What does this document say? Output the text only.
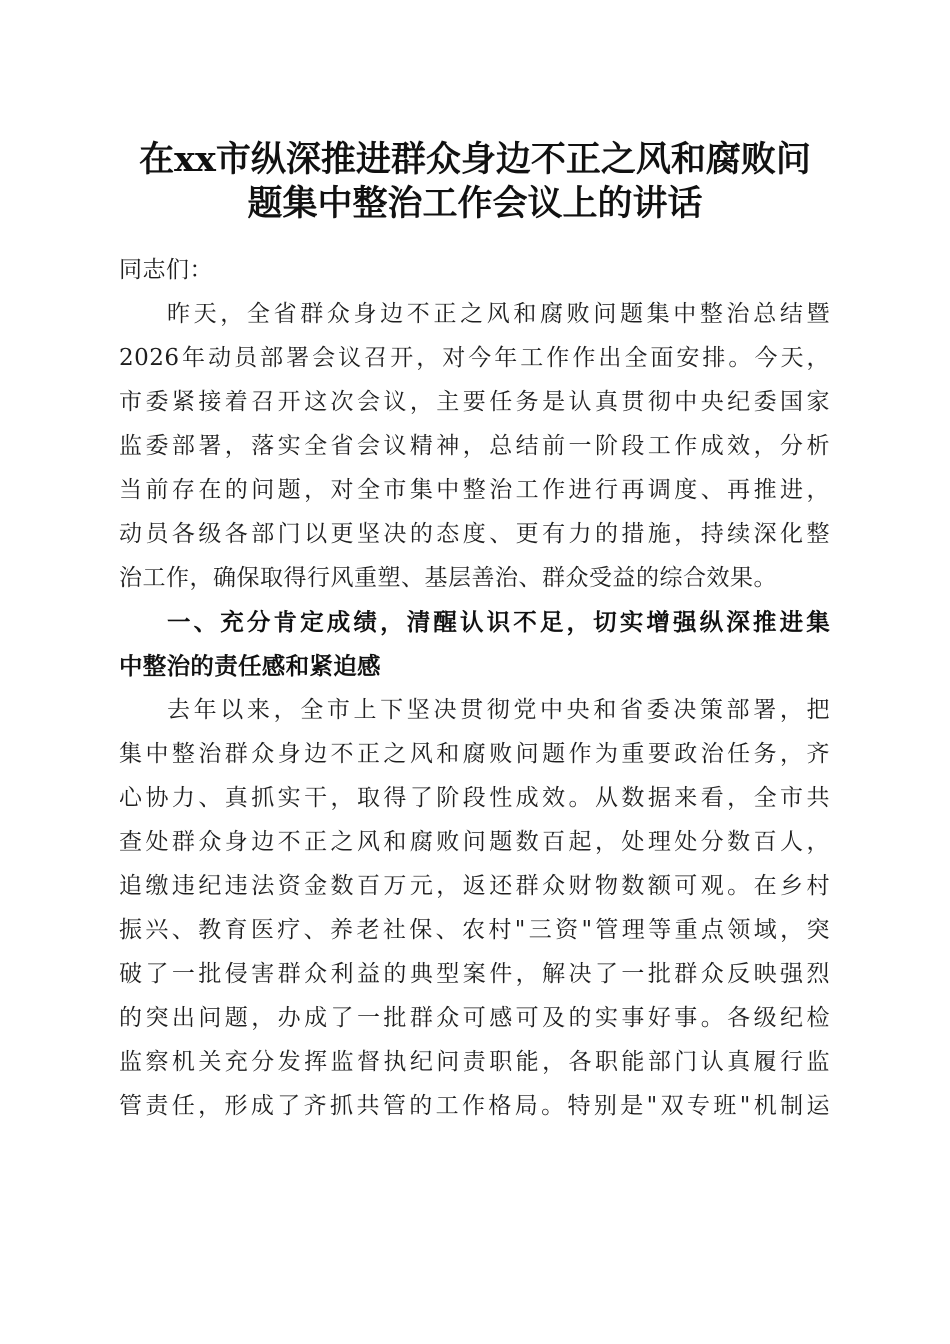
在xx市纵深推进群众身边不正之风和腐败问
题集中整治工作会议上的讲话

同志们：

昨天，全省群众身边不正之风和腐败问题集中整治总结暨

2026年动员部署会议召开，对今年工作作出全面安排。今天，

市委紧接着召开这次会议，主要任务是认真贯彻中央纪委国家

监委部署，落实全省会议精神，总结前一阶段工作成效，分析

当前存在的问题，对全市集中整治工作进行再调度、再推进，

动员各级各部门以更坚决的态度、更有力的措施，持续深化整

治工作，确保取得行风重塑、基层善治、群众受益的综合效果。

一、充分肯定成绩，清醒认识不足，切实增强纵深推进集

中整治的责任感和紧迫感

去年以来，全市上下坚决贯彻党中央和省委决策部署，把

集中整治群众身边不正之风和腐败问题作为重要政治任务，齐

心协力、真抓实干，取得了阶段性成效。从数据来看，全市共

查处群众身边不正之风和腐败问题数百起，处理处分数百人，

追缴违纪违法资金数百万元，返还群众财物数额可观。在乡村

振兴、教育医疗、养老社保、农村"三资"管理等重点领域，突

破了一批侵害群众利益的典型案件，解决了一批群众反映强烈

的突出问题，办成了一批群众可感可及的实事好事。各级纪检

监察机关充分发挥监督执纪问责职能，各职能部门认真履行监

管责任，形成了齐抓共管的工作格局。特别是"双专班"机制运
